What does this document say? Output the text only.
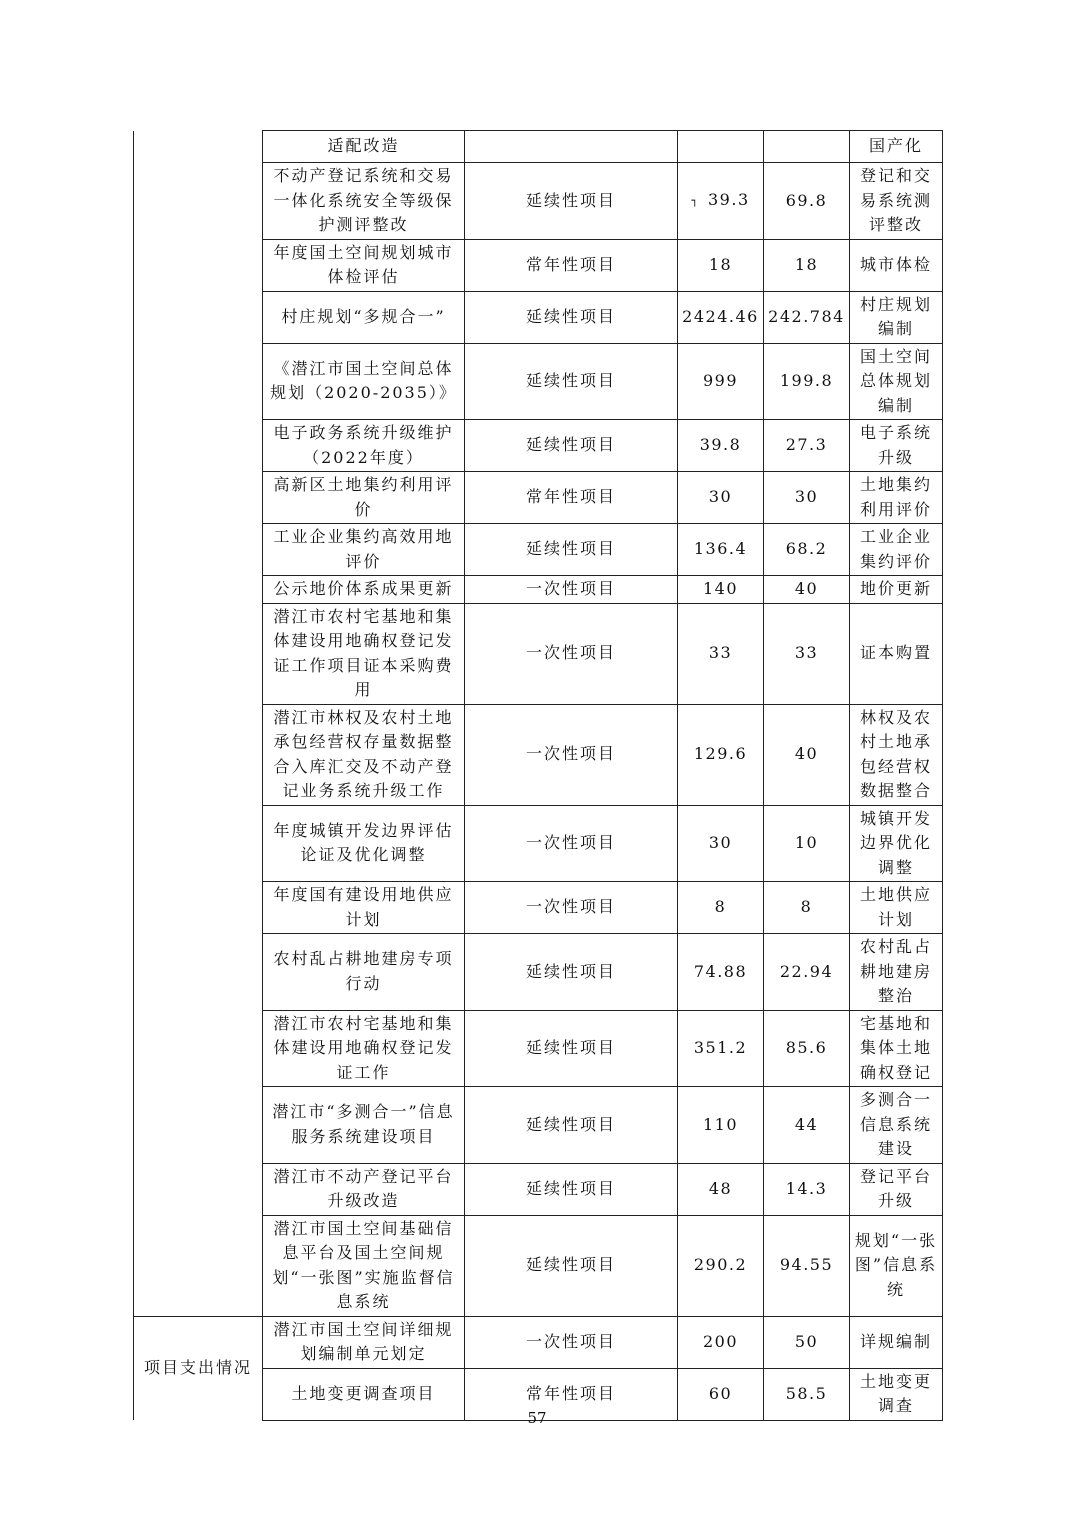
	适配改造				国产化
	不动产登记系统和交易一体化系统安全等级保护测评整改	延续性项目	┐ 39.3	69.8	登记和交易系统测评整改
	年度国土空间规划城市体检评估	常年性项目	18	18	城市体检
	村庄规划“多规合一”	延续性项目	2424.46	242.784	村庄规划编制
	《潜江市国土空间总体规划（2020-2035）》	延续性项目	999	199.8	国土空间总体规划编制
	电子政务系统升级维护（2022年度）	延续性项目	39.8	27.3	电子系统升级
	高新区土地集约利用评价	常年性项目	30	30	土地集约利用评价
	工业企业集约高效用地评价	延续性项目	136.4	68.2	工业企业集约评价
	公示地价体系成果更新	一次性项目	140	40	地价更新
	潜江市农村宅基地和集体建设用地确权登记发证工作项目证本采购费用	一次性项目	33	33	证本购置
	潜江市林权及农村土地承包经营权存量数据整合入库汇交及不动产登记业务系统升级工作	一次性项目	129.6	40	林权及农村土地承包经营权数据整合
	年度城镇开发边界评估论证及优化调整	一次性项目	30	10	城镇开发边界优化调整
	年度国有建设用地供应计划	一次性项目	8	8	土地供应计划
	农村乱占耕地建房专项行动	延续性项目	74.88	22.94	农村乱占耕地建房整治
	潜江市农村宅基地和集体建设用地确权登记发证工作	延续性项目	351.2	85.6	宅基地和集体土地确权登记
	潜江市“多测合一”信息服务系统建设项目	延续性项目	110	44	多测合一信息系统建设
	潜江市不动产登记平台升级改造	延续性项目	48	14.3	登记平台升级
	潜江市国土空间基础信息平台及国土空间规划“一张图”实施监督信息系统	延续性项目	290.2	94.55	规划“一张图”信息系统
项目支出情况	潜江市国土空间详细规划编制单元划定	一次性项目	200	50	详规编制
	土地变更调查项目	常年性项目	60	58.5	土地变更调查
57
